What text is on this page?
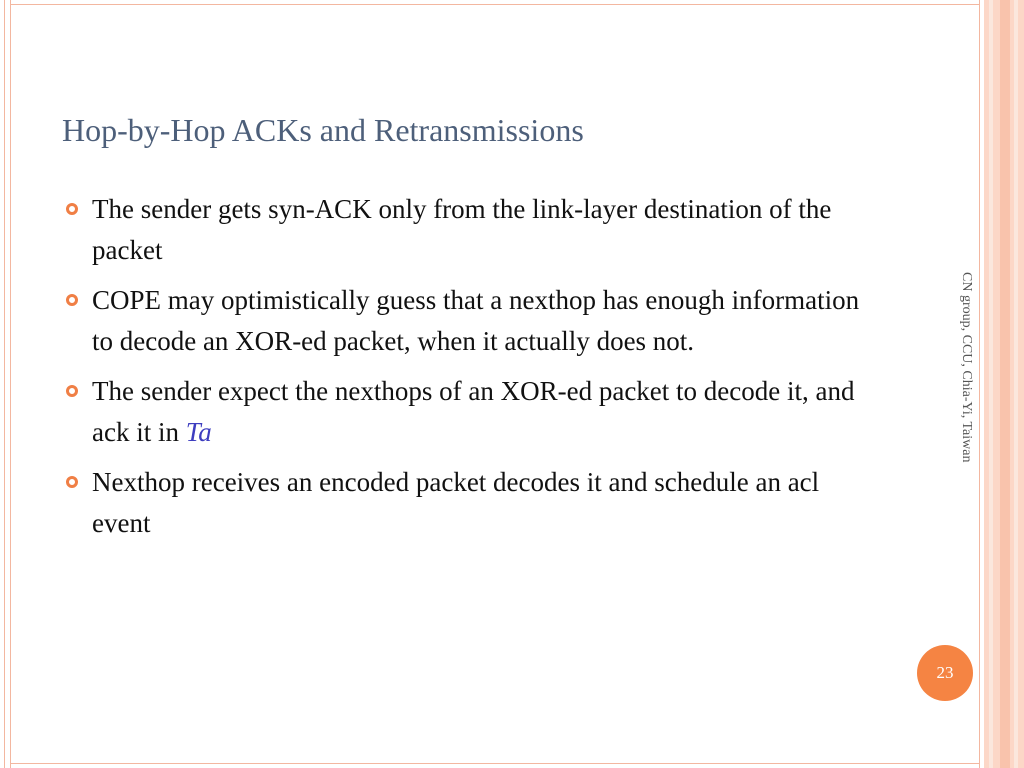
Hop-by-Hop ACKs and Retransmissions
The sender gets syn-ACK only from the link-layer destination of the packet
COPE may optimistically guess that a nexthop has enough information to decode an XOR-ed packet, when it actually does not.
The sender expect the nexthops of an XOR-ed packet to decode it, and ack it in Ta
Nexthop receives an encoded packet decodes it and schedule an acl event
CN group, CCU, Chia-Yi, Taiwan
23
